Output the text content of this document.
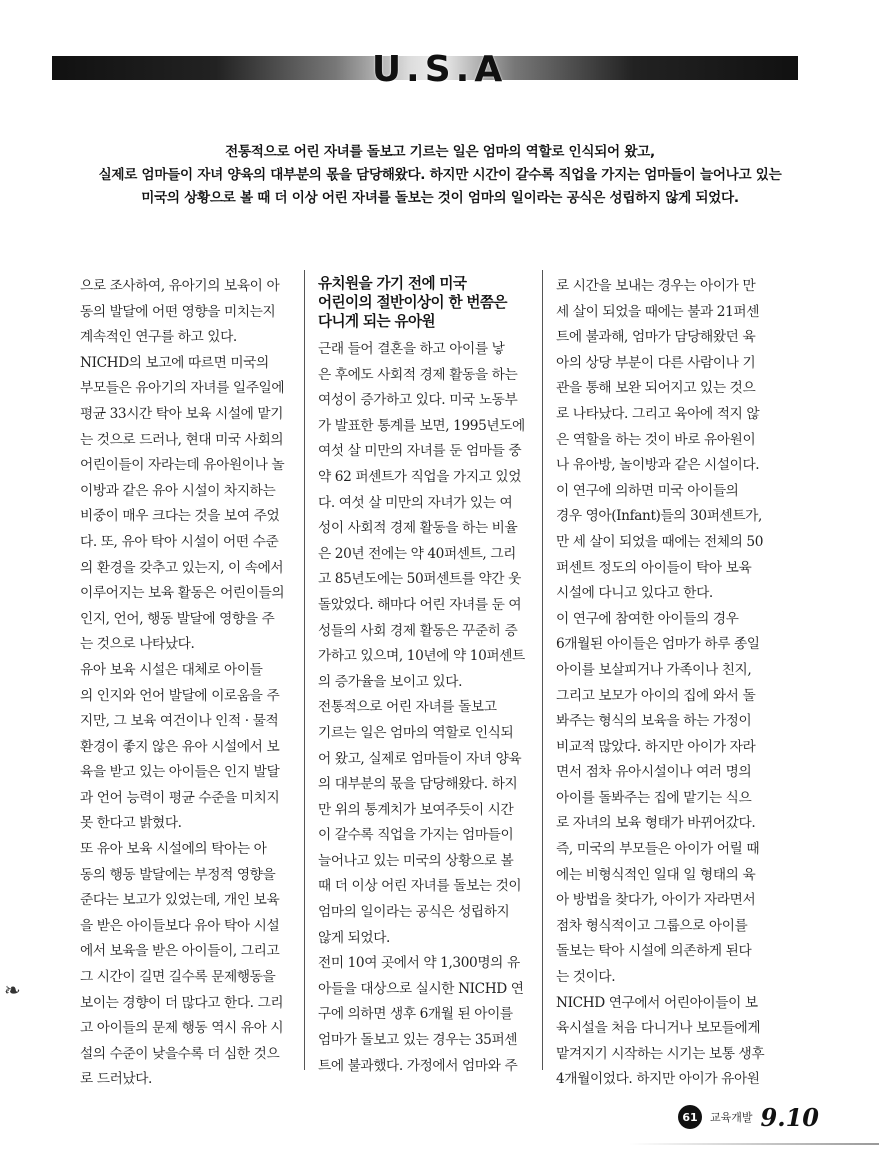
U.S.A
전통적으로 어린 자녀를 돌보고 기르는 일은 엄마의 역할로 인식되어 왔고,
실제로 엄마들이 자녀 양육의 대부분의 몫을 담당해왔다. 하지만 시간이 갈수록 직업을 가지는 엄마들이 늘어나고 있는
미국의 상황으로 볼 때 더 이상 어린 자녀를 돌보는 것이 엄마의 일이라는 공식은 성립하지 않게 되었다.
으로 조사하여, 유아기의 보육이 아
동의 발달에 어떤 영향을 미치는지
계속적인 연구를 하고 있다.
NICHD의 보고에 따르면 미국의
부모들은 유아기의 자녀를 일주일에
평균 33시간 탁아 보육 시설에 맡기
는 것으로 드러나, 현대 미국 사회의
어린이들이 자라는데 유아원이나 놀
이방과 같은 유아 시설이 차지하는
비중이 매우 크다는 것을 보여 주었
다. 또, 유아 탁아 시설이 어떤 수준
의 환경을 갖추고 있는지, 이 속에서
이루어지는 보육 활동은 어린이들의
인지, 언어, 행동 발달에 영향을 주
는 것으로 나타났다.
유아 보육 시설은 대체로 아이들
의 인지와 언어 발달에 이로움을 주
지만, 그 보육 여건이나 인적 · 물적
환경이 좋지 않은 유아 시설에서 보
육을 받고 있는 아이들은 인지 발달
과 언어 능력이 평균 수준을 미치지
못 한다고 밝혔다.
또 유아 보육 시설에의 탁아는 아
동의 행동 발달에는 부정적 영향을
준다는 보고가 있었는데, 개인 보육
을 받은 아이들보다 유아 탁아 시설
에서 보육을 받은 아이들이, 그리고
그 시간이 길면 길수록 문제행동을
보이는 경향이 더 많다고 한다. 그리
고 아이들의 문제 행동 역시 유아 시
설의 수준이 낮을수록 더 심한 것으
로 드러났다.
유치원을 가기 전에 미국
어린이의 절반이상이 한 번쯤은
다니게 되는 유아원
근래 들어 결혼을 하고 아이를 낳
은 후에도 사회적 경제 활동을 하는
여성이 증가하고 있다. 미국 노동부
가 발표한 통계를 보면, 1995년도에
여섯 살 미만의 자녀를 둔 엄마들 중
약 62 퍼센트가 직업을 가지고 있었
다. 여섯 살 미만의 자녀가 있는 여
성이 사회적 경제 활동을 하는 비율
은 20년 전에는 약 40퍼센트, 그리
고 85년도에는 50퍼센트를 약간 웃
돌았었다. 해마다 어린 자녀를 둔 여
성들의 사회 경제 활동은 꾸준히 증
가하고 있으며, 10년에 약 10퍼센트
의 증가율을 보이고 있다.
전통적으로 어린 자녀를 돌보고
기르는 일은 엄마의 역할로 인식되
어 왔고, 실제로 엄마들이 자녀 양육
의 대부분의 몫을 담당해왔다. 하지
만 위의 통계치가 보여주듯이 시간
이 갈수록 직업을 가지는 엄마들이
늘어나고 있는 미국의 상황으로 볼
때 더 이상 어린 자녀를 돌보는 것이
엄마의 일이라는 공식은 성립하지
않게 되었다.
전미 10여 곳에서 약 1,300명의 유
아들을 대상으로 실시한 NICHD 연
구에 의하면 생후 6개월 된 아이를
엄마가 돌보고 있는 경우는 35퍼센
트에 불과했다. 가정에서 엄마와 주
로 시간을 보내는 경우는 아이가 만
세 살이 되었을 때에는 불과 21퍼센
트에 불과해, 엄마가 담당해왔던 육
아의 상당 부분이 다른 사람이나 기
관을 통해 보완 되어지고 있는 것으
로 나타났다. 그리고 육아에 적지 않
은 역할을 하는 것이 바로 유아원이
나 유아방, 놀이방과 같은 시설이다.
이 연구에 의하면 미국 아이들의
경우 영아(Infant)들의 30퍼센트가,
만 세 살이 되었을 때에는 전체의 50
퍼센트 정도의 아이들이 탁아 보육
시설에 다니고 있다고 한다.
이 연구에 참여한 아이들의 경우
6개월된 아이들은 엄마가 하루 종일
아이를 보살피거나 가족이나 친지,
그리고 보모가 아이의 집에 와서 돌
봐주는 형식의 보육을 하는 가정이
비교적 많았다. 하지만 아이가 자라
면서 점차 유아시설이나 여러 명의
아이를 돌봐주는 집에 맡기는 식으
로 자녀의 보육 형태가 바뀌어갔다.
즉, 미국의 부모들은 아이가 어릴 때
에는 비형식적인 일대 일 형태의 육
아 방법을 찾다가, 아이가 자라면서
점차 형식적이고 그룹으로 아이를
돌보는 탁아 시설에 의존하게 된다
는 것이다.
NICHD 연구에서 어린아이들이 보
육시설을 처음 다니거나 보모들에게
맡겨지기 시작하는 시기는 보통 생후
4개월이었다. 하지만 아이가 유아원
❧
61	교육개발 9.10
